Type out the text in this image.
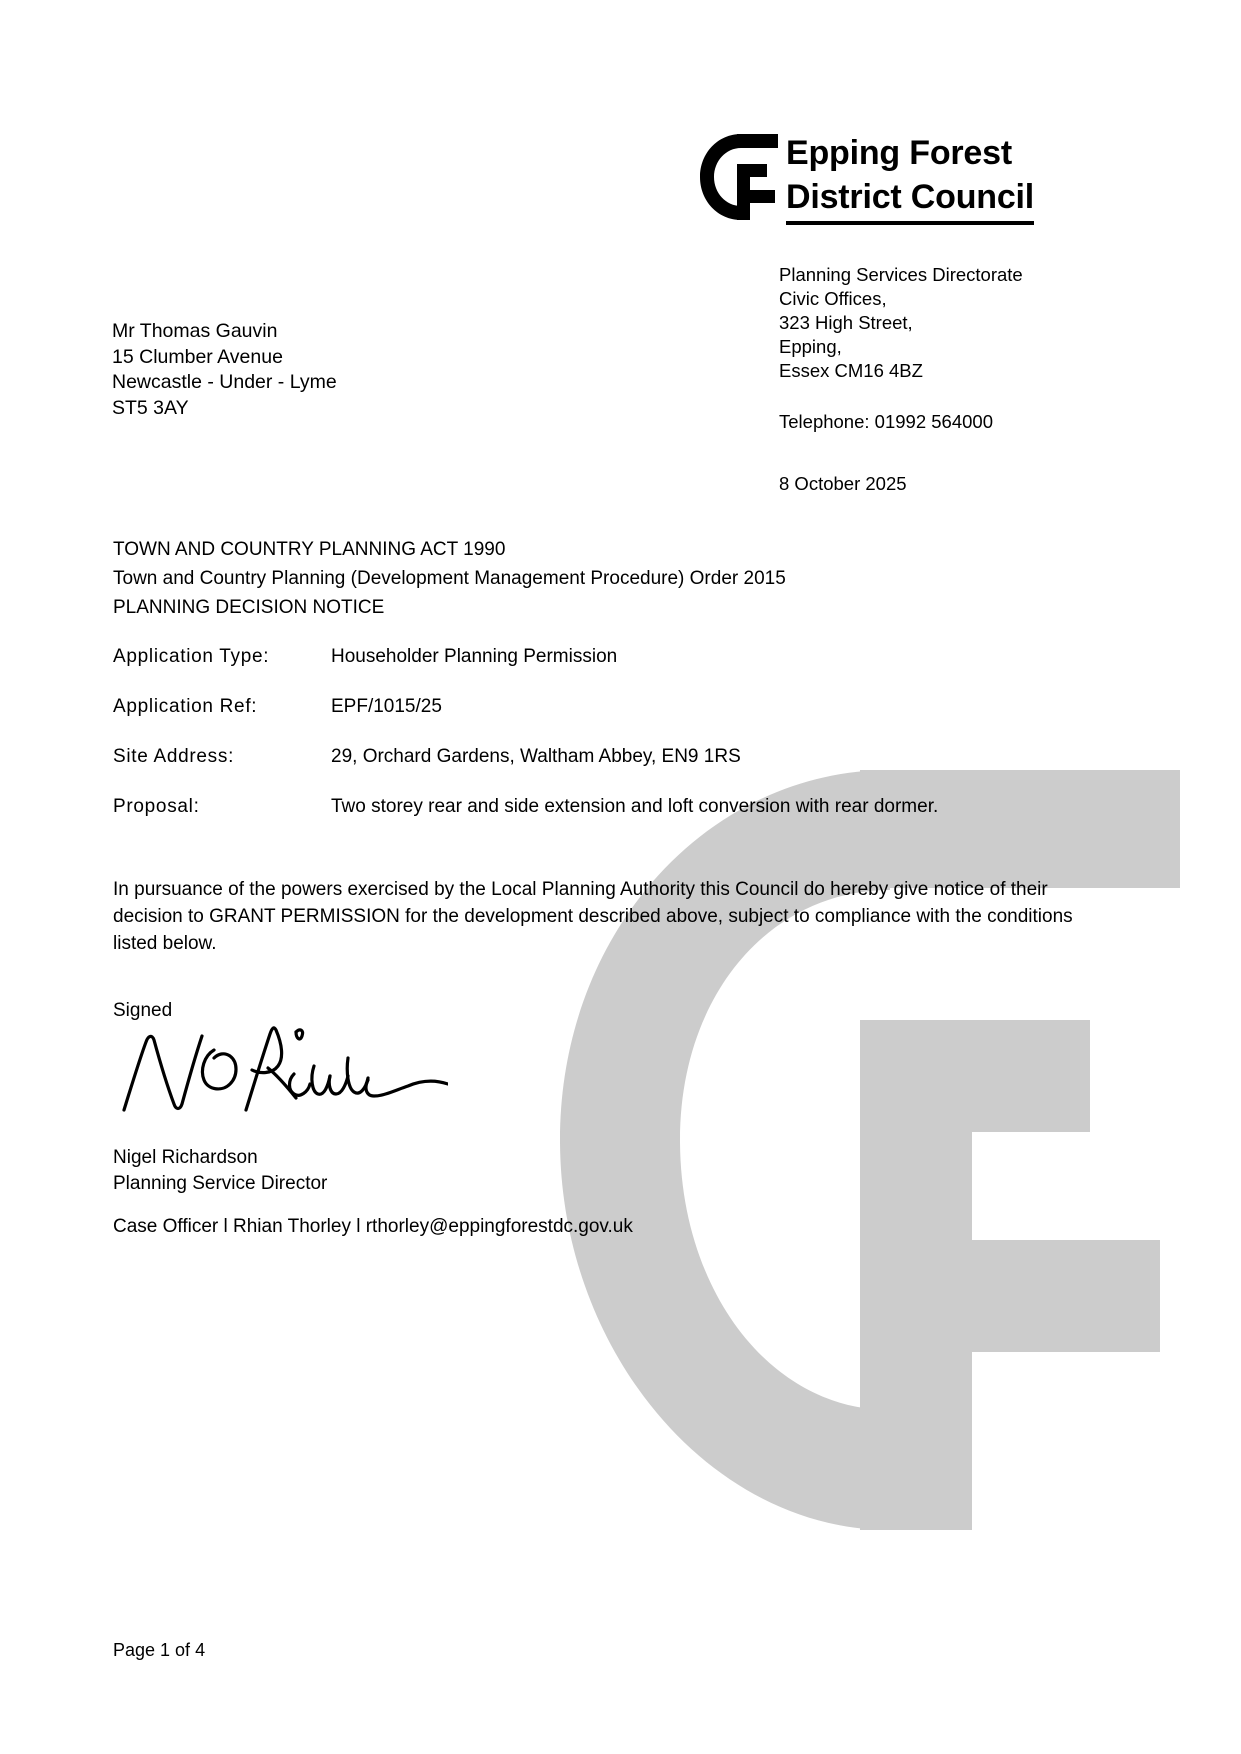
Epping Forest
District Council
Planning Services Directorate
Civic Offices,
323 High Street,
Epping,
Essex CM16 4BZ
Telephone: 01992 564000
8 October 2025
Mr Thomas Gauvin
15 Clumber Avenue
Newcastle - Under - Lyme
ST5 3AY
TOWN AND COUNTRY PLANNING ACT 1990
Town and Country Planning (Development Management Procedure) Order 2015
PLANNING DECISION NOTICE
Application Type:	Householder Planning Permission
Application Ref:	EPF/1015/25
Site Address:	29, Orchard Gardens, Waltham Abbey, EN9 1RS
Proposal:	Two storey rear and side extension and loft conversion with rear dormer.
In pursuance of the powers exercised by the Local Planning Authority this Council do hereby give notice of their decision to GRANT PERMISSION for the development described above, subject to compliance with the conditions listed below.
Signed
Nigel Richardson
Planning Service Director
Case Officer l Rhian Thorley l rthorley@eppingforestdc.gov.uk
Page 1 of 4
